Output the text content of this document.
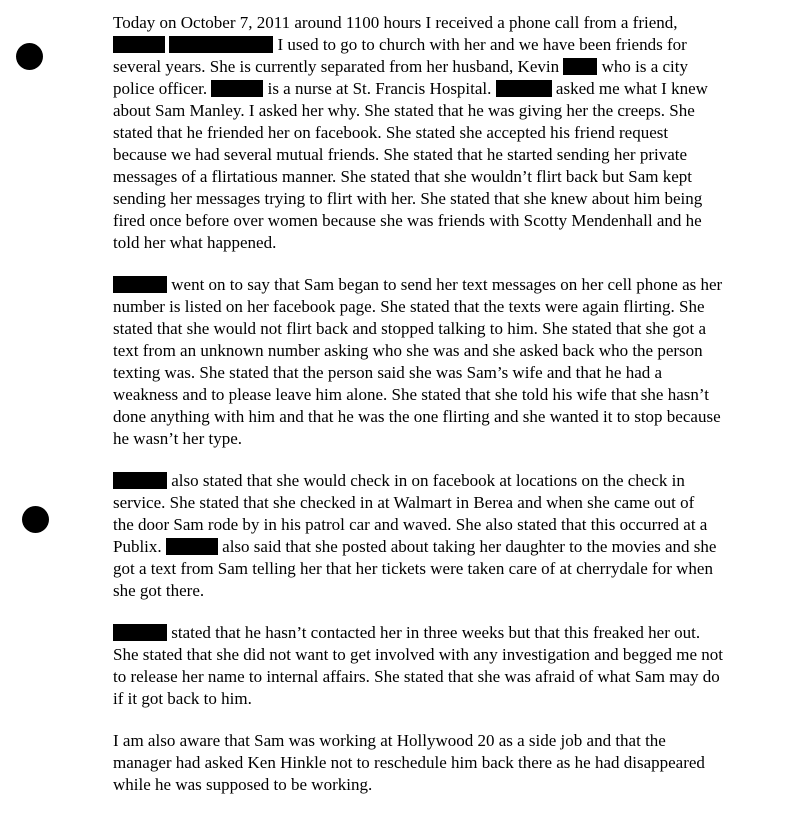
Today on October 7, 2011 around 1100 hours I received a phone call from a friend,
I used to go to church with her and we have been friends for
several years. She is currently separated from her husband, Kevin  who is a city
police officer.	is a nurse at St. Francis Hospital.	asked me what I knew
about Sam Manley. I asked her why. She stated that he was giving her the creeps. She
stated that he friended her on facebook. She stated she accepted his friend request
because we had several mutual friends. She stated that he started sending her private
messages of a flirtatious manner. She stated that she wouldn’t flirt back but Sam kept
sending her messages trying to flirt with her. She stated that she knew about him being
fired once before over women because she was friends with Scotty Mendenhall and he
told her what happened.

went on to say that Sam began to send her text messages on her cell phone as her
number is listed on her facebook page. She stated that the texts were again flirting. She
stated that she would not flirt back and stopped talking to him. She stated that she got a
text from an unknown number asking who she was and she asked back who the person
texting was. She stated that the person said she was Sam’s wife and that he had a
weakness and to please leave him alone. She stated that she told his wife that she hasn’t
done anything with him and that he was the one flirting and she wanted it to stop because
he wasn’t her type.

also stated that she would check in on facebook at locations on the check in
service. She stated that she checked in at Walmart in Berea and when she came out of
the door Sam rode by in his patrol car and waved. She also stated that this occurred at a
Publix.	also said that she posted about taking her daughter to the movies and she
got a text from Sam telling her that her tickets were taken care of at cherrydale for when
she got there.

stated that he hasn’t contacted her in three weeks but that this freaked her out.
She stated that she did not want to get involved with any investigation and begged me not
to release her name to internal affairs. She stated that she was afraid of what Sam may do
if it got back to him.

I am also aware that Sam was working at Hollywood 20 as a side job and that the
manager had asked Ken Hinkle not to reschedule him back there as he had disappeared
while he was supposed to be working.
